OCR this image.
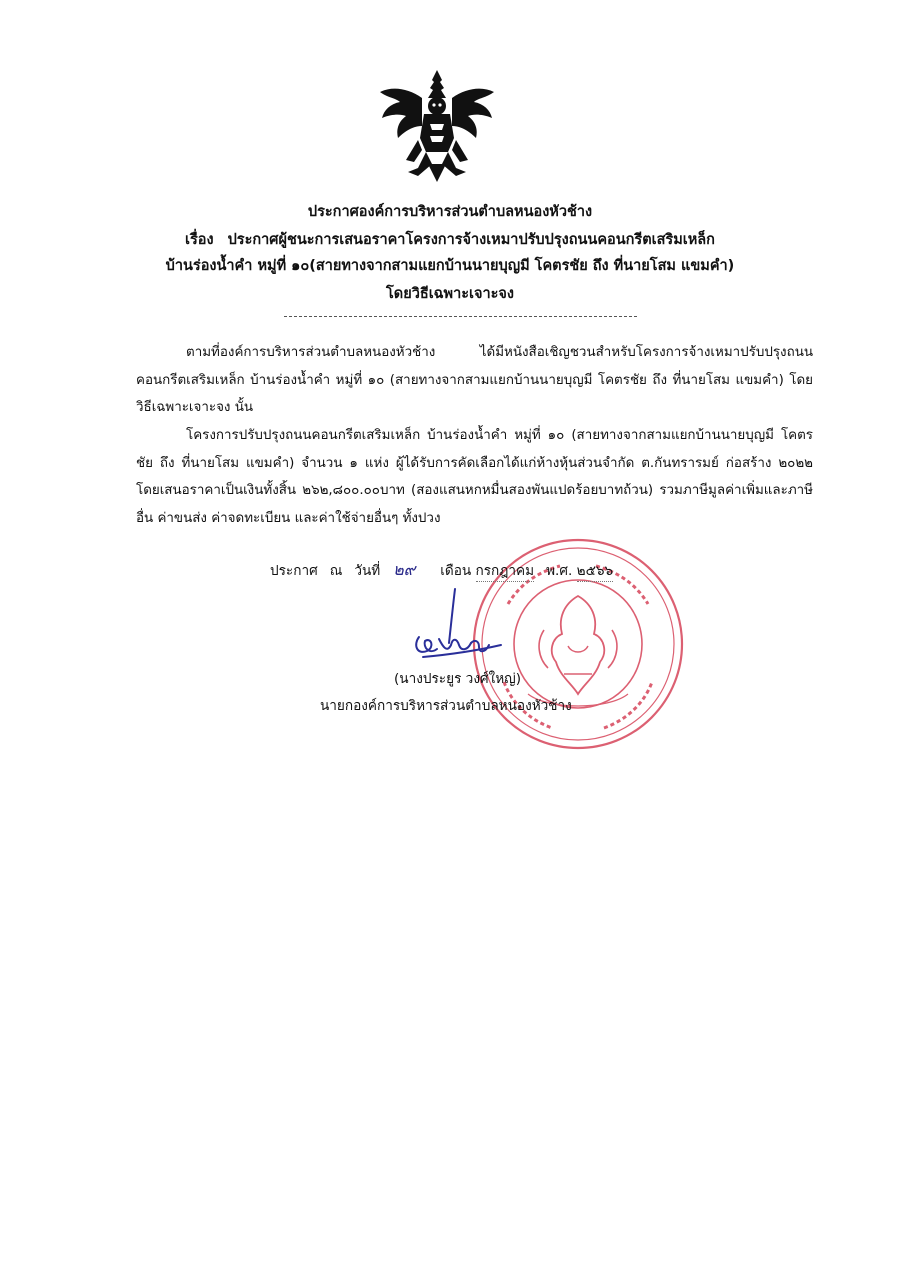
ประกาศองค์การบริหารส่วนตำบลหนองหัวช้าง
เรื่อง ประกาศผู้ชนะการเสนอราคาโครงการจ้างเหมาปรับปรุงถนนคอนกรีตเสริมเหล็ก
บ้านร่องน้ำคำ หมู่ที่ ๑๐(สายทางจากสามแยกบ้านนายบุญมี โคตรชัย ถึง ที่นายโสม แขมคำ)
โดยวิธีเฉพาะเจาะจง
ตามที่องค์การบริหารส่วนตำบลหนองหัวช้าง ได้มีหนังสือเชิญชวนสำหรับโครงการจ้างเหมาปรับปรุงถนนคอนกรีตเสริมเหล็ก บ้านร่องน้ำคำ หมู่ที่ ๑๐ (สายทางจากสามแยกบ้านนายบุญมี โคตรชัย ถึง ที่นายโสม แขมคำ) โดยวิธีเฉพาะเจาะจง นั้น
โครงการปรับปรุงถนนคอนกรีตเสริมเหล็ก บ้านร่องน้ำคำ หมู่ที่ ๑๐ (สายทางจากสามแยกบ้านนายบุญมี โคตรชัย ถึง ที่นายโสม แขมคำ) จำนวน ๑ แห่ง ผู้ได้รับการคัดเลือกได้แก่ห้างหุ้นส่วนจำกัด ต.กันทรารมย์ ก่อสร้าง ๒๐๒๒ โดยเสนอราคาเป็นเงินทั้งสิ้น ๒๖๒,๘๐๐.๐๐บาท (สองแสนหกหมื่นสองพันแปดร้อยบาทถ้วน) รวมภาษีมูลค่าเพิ่มและภาษีอื่น ค่าขนส่ง ค่าจดทะเบียน และค่าใช้จ่ายอื่นๆ ทั้งปวง
ประกาศ ณ วันที่ ๒๙ เดือน กรกฎาคม พ.ศ. ๒๕๖๖
(นางประยูร วงศ์ใหญ่)
นายกองค์การบริหารส่วนตำบลหนองหัวช้าง
